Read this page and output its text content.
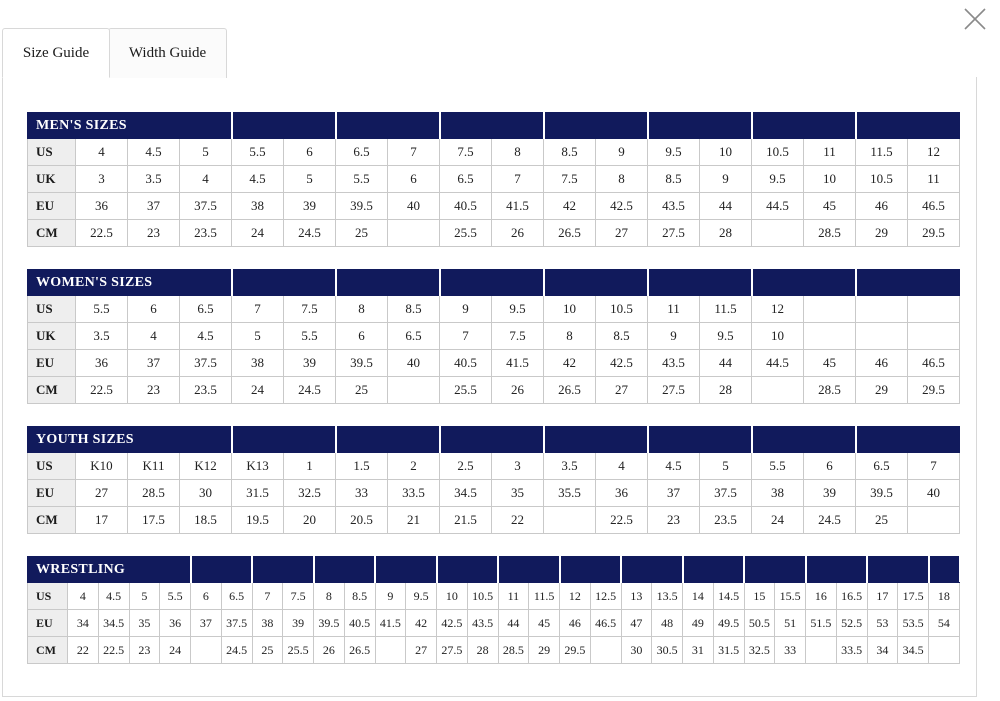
Size Guide	Width Guide
MEN'S SIZES																	
US	4	4.5	5	5.5	6	6.5	7	7.5	8	8.5	9	9.5	10	10.5	11	11.5	12
UK	3	3.5	4	4.5	5	5.5	6	6.5	7	7.5	8	8.5	9	9.5	10	10.5	11
EU	36	37	37.5	38	39	39.5	40	40.5	41.5	42	42.5	43.5	44	44.5	45	46	46.5
CM	22.5	23	23.5	24	24.5	25		25.5	26	26.5	27	27.5	28		28.5	29	29.5
WOMEN'S SIZES																	
US	5.5	6	6.5	7	7.5	8	8.5	9	9.5	10	10.5	11	11.5	12			
UK	3.5	4	4.5	5	5.5	6	6.5	7	7.5	8	8.5	9	9.5	10			
EU	36	37	37.5	38	39	39.5	40	40.5	41.5	42	42.5	43.5	44	44.5	45	46	46.5
CM	22.5	23	23.5	24	24.5	25		25.5	26	26.5	27	27.5	28		28.5	29	29.5
YOUTH SIZES																	
US	K10	K11	K12	K13	1	1.5	2	2.5	3	3.5	4	4.5	5	5.5	6	6.5	7
EU	27	28.5	30	31.5	32.5	33	33.5	34.5	35	35.5	36	37	37.5	38	39	39.5	40
CM	17	17.5	18.5	19.5	20	20.5	21	21.5	22		22.5	23	23.5	24	24.5	25	
WRESTLING																													
US	4	4.5	5	5.5	6	6.5	7	7.5	8	8.5	9	9.5	10	10.5	11	11.5	12	12.5	13	13.5	14	14.5	15	15.5	16	16.5	17	17.5	18
EU	34	34.5	35	36	37	37.5	38	39	39.5	40.5	41.5	42	42.5	43.5	44	45	46	46.5	47	48	49	49.5	50.5	51	51.5	52.5	53	53.5	54
CM	22	22.5	23	24		24.5	25	25.5	26	26.5		27	27.5	28	28.5	29	29.5		30	30.5	31	31.5	32.5	33		33.5	34	34.5	
